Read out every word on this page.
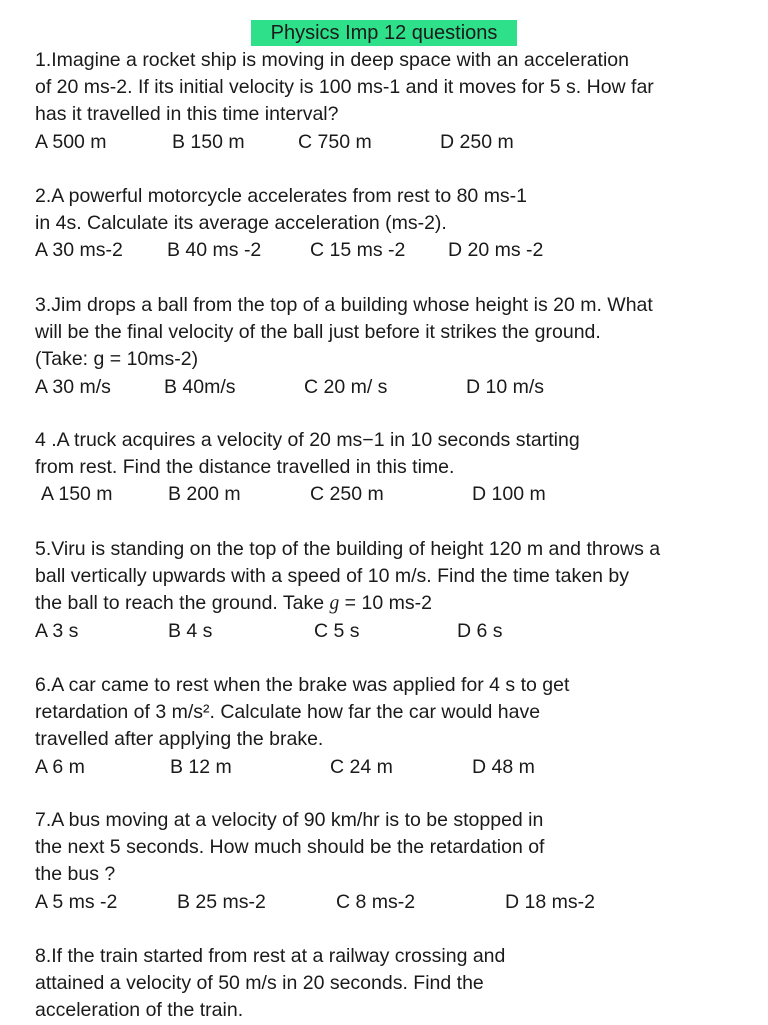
Physics Imp 12 questions
1.Imagine a rocket ship is moving in deep space with an acceleration
of 20 ms-2. If its initial velocity is 100 ms-1 and it moves for 5 s. How far
has it travelled in this time interval?
A 500 m	B 150 m	C 750 m	D 250 m
2.A powerful motorcycle accelerates from rest to 80 ms-1
in 4s. Calculate its average acceleration (ms-2).
A 30 ms-2 B 40 ms -2 C 15 ms -2 D 20 ms -2
3.Jim drops a ball from the top of a building whose height is 20 m. What
will be the final velocity of the ball just before it strikes the ground.
(Take: g = 10ms-2)
A 30 m/s	B 40m/s	C 20 m/ s	D 10 m/s
4 .A truck acquires a velocity of 20 ms−1 in 10 seconds starting
from rest. Find the distance travelled in this time.
A 150 m	B 200 m	C 250 m	D 100 m
5.Viru is standing on the top of the building of height 120 m and throws a
ball vertically upwards with a speed of 10 m/s. Find the time taken by
the ball to reach the ground. Take g = 10 ms-2
A 3 s	B 4 s	C 5 s	D 6 s
6.A car came to rest when the brake was applied for 4 s to get
retardation of 3 m/s². Calculate how far the car would have
travelled after applying the brake.
A 6 m	B 12 m	C 24 m	D 48 m
7.A bus moving at a velocity of 90 km/hr is to be stopped in
the next 5 seconds. How much should be the retardation of
the bus ?
A 5 ms -2	B 25 ms-2	C 8 ms-2	D 18 ms-2
8.If the train started from rest at a railway crossing and
attained a velocity of 50 m/s in 20 seconds. Find the
acceleration of the train.
